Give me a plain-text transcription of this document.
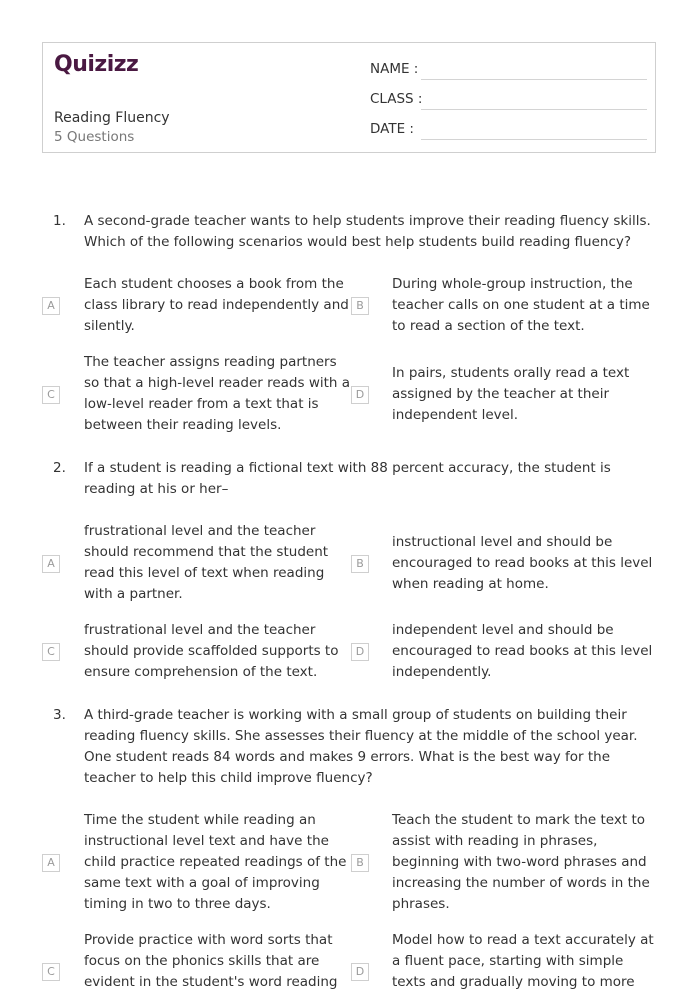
Quizizz
Reading Fluency
5 Questions
NAME :
CLASS :
DATE :
1. A second-grade teacher wants to help students improve their reading fluency skills. Which of the following scenarios would best help students build reading fluency?
A
Each student chooses a book from the class library to read independently and silently.
B
During whole-group instruction, the teacher calls on one student at a time to read a section of the text.
C
The teacher assigns reading partners so that a high-level reader reads with a low-level reader from a text that is between their reading levels.
D
In pairs, students orally read a text assigned by the teacher at their independent level.
2. If a student is reading a fictional text with 88 percent accuracy, the student is reading at his or her–
A
frustrational level and the teacher should recommend that the student read this level of text when reading with a partner.
B
instructional level and should be encouraged to read books at this level when reading at home.
C
frustrational level and the teacher should provide scaffolded supports to ensure comprehension of the text.
D
independent level and should be encouraged to read books at this level independently.
3. A third-grade teacher is working with a small group of students on building their reading fluency skills. She assesses their fluency at the middle of the school year. One student reads 84 words and makes 9 errors. What is the best way for the teacher to help this child improve fluency?
A
Time the student while reading an instructional level text and have the child practice repeated readings of the same text with a goal of improving timing in two to three days.
B
Teach the student to mark the text to assist with reading in phrases, beginning with two-word phrases and increasing the number of words in the phrases.
C
Provide practice with word sorts that focus on the phonics skills that are evident in the student's word reading
D
Model how to read a text accurately at a fluent pace, starting with simple texts and gradually moving to more
